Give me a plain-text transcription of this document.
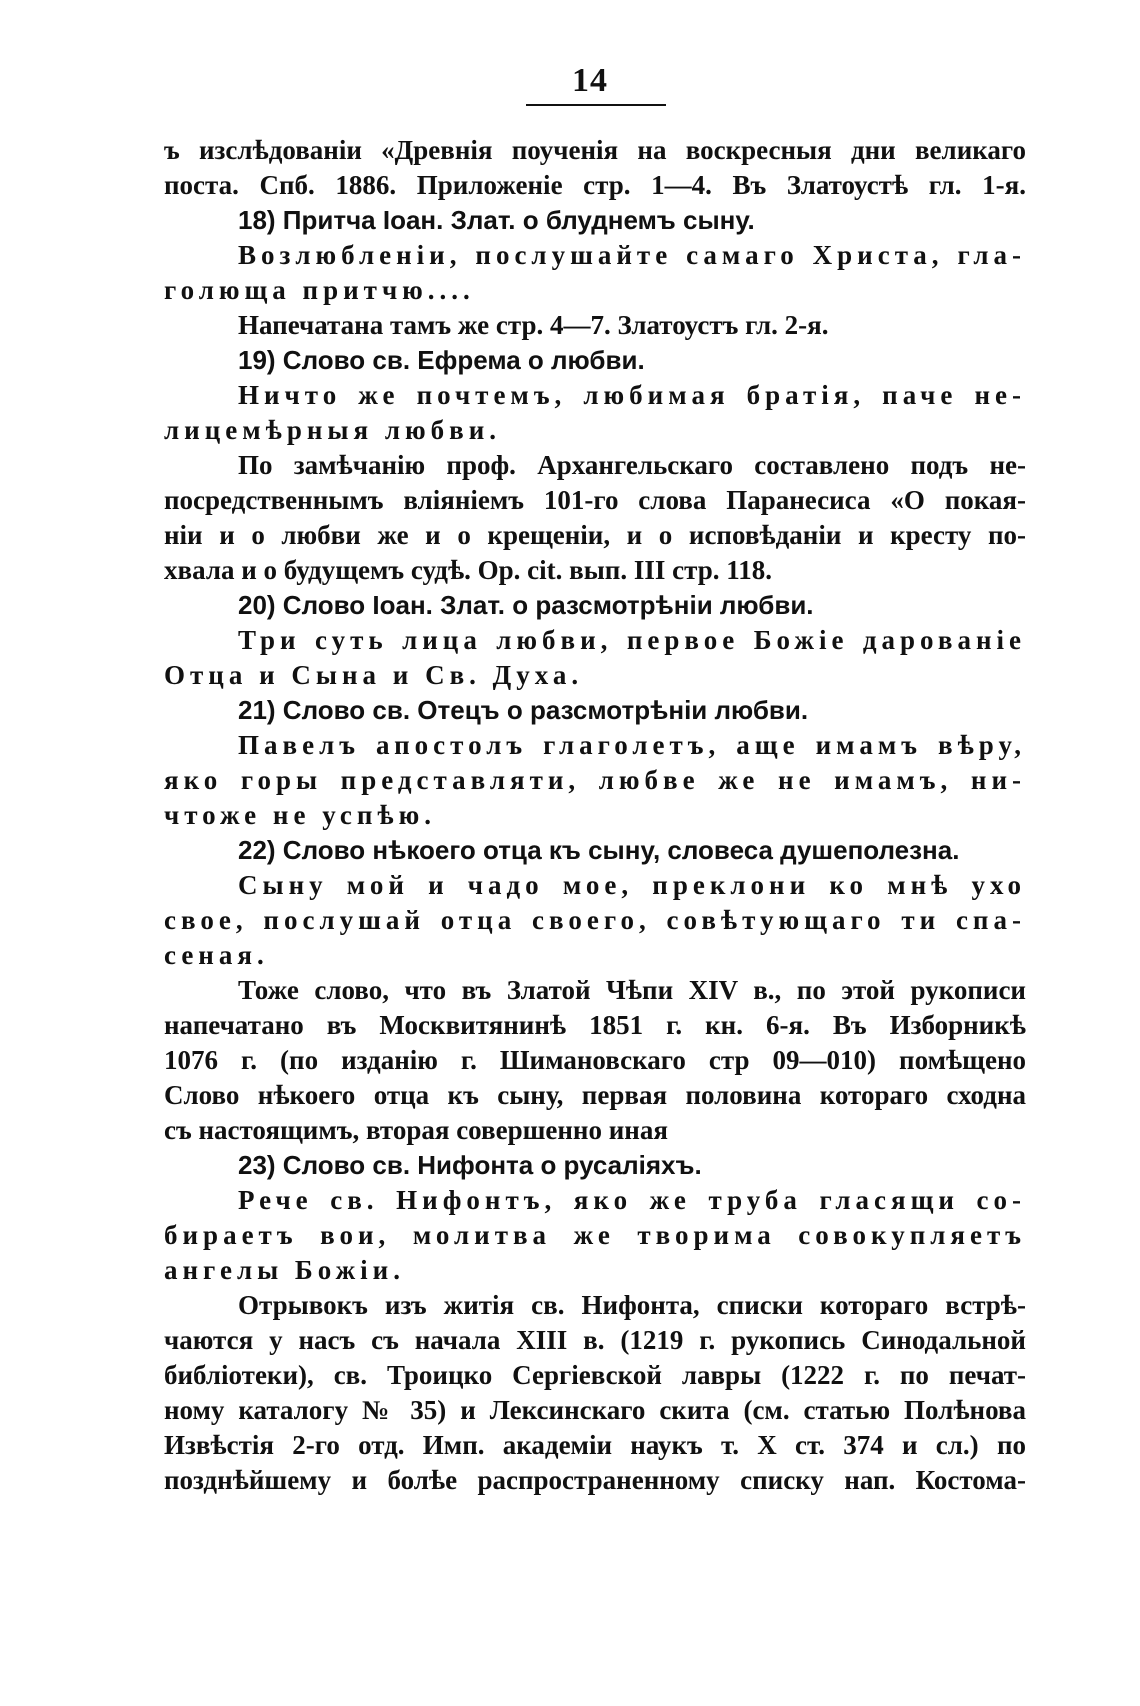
14
ъ изслѣдованіи «Древнія поученія на воскресныя дни великаго
поста. Спб. 1886. Приложеніе стр. 1—4. Въ Златоустѣ гл. 1-я.
18) Притча Іоан. Злат. о блуднемъ сыну.
Возлюбленіи, послушайте самаго Христа, гла-
голюща притчю....
Напечатана тамъ же стр. 4—7. Златоустъ гл. 2-я.
19) Слово св. Ефрема о любви.
Ничто же почтемъ, любимая братія, паче не-
лицемѣрныя любви.
По замѣчанію проф. Архангельскаго составлено подъ не-
посредственнымъ вліяніемъ 101-го слова Паранесиса «О покая-
ніи и о любви же и о крещеніи, и о исповѣданіи и кресту по-
хвала и о будущемъ судѣ. Op. cit. вып. III стр. 118.
20) Слово Іоан. Злат. о разсмотрѣніи любви.
Три суть лица любви, первое Божіе дарованіе
Отца и Сына и Св. Духа.
21) Слово св. Отецъ о разсмотрѣніи любви.
Павелъ апостолъ глаголетъ, аще имамъ вѣру,
яко горы представляти, любве же не имамъ, ни-
чтоже не успѣю.
22) Слово нѣкоего отца къ сыну, словеса душеполезна.
Сыну мой и чадо мое, преклони ко мнѣ ухо
свое, послушай отца своего, совѣтующаго ти спа-
сеная.
Тоже слово, что въ Златой Чѣпи XIV в., по этой рукописи
напечатано въ Москвитянинѣ 1851 г. кн. 6-я. Въ Изборникѣ
1076 г. (по изданію г. Шимановскаго стр 09—010) помѣщено
Слово нѣкоего отца къ сыну, первая половина котораго сходна
съ настоящимъ, вторая совершенно иная
23) Слово св. Нифонта о русаліяхъ.
Рече св. Нифонтъ, яко же труба гласящи со-
бираетъ вои, молитва же творима совокупляетъ
ангелы Божіи.
Отрывокъ изъ житія св. Нифонта, списки котораго встрѣ-
чаются у насъ съ начала XIII в. (1219 г. рукопись Синодальной
библіотеки), св. Троицко Сергіевской лавры (1222 г. по печат-
ному каталогу № 35) и Лексинскаго скита (см. статью Полѣнова
Извѣстія 2-го отд. Имп. академіи наукъ т. X ст. 374 и сл.) по
позднѣйшему и болѣе распространенному списку нап. Костома-
